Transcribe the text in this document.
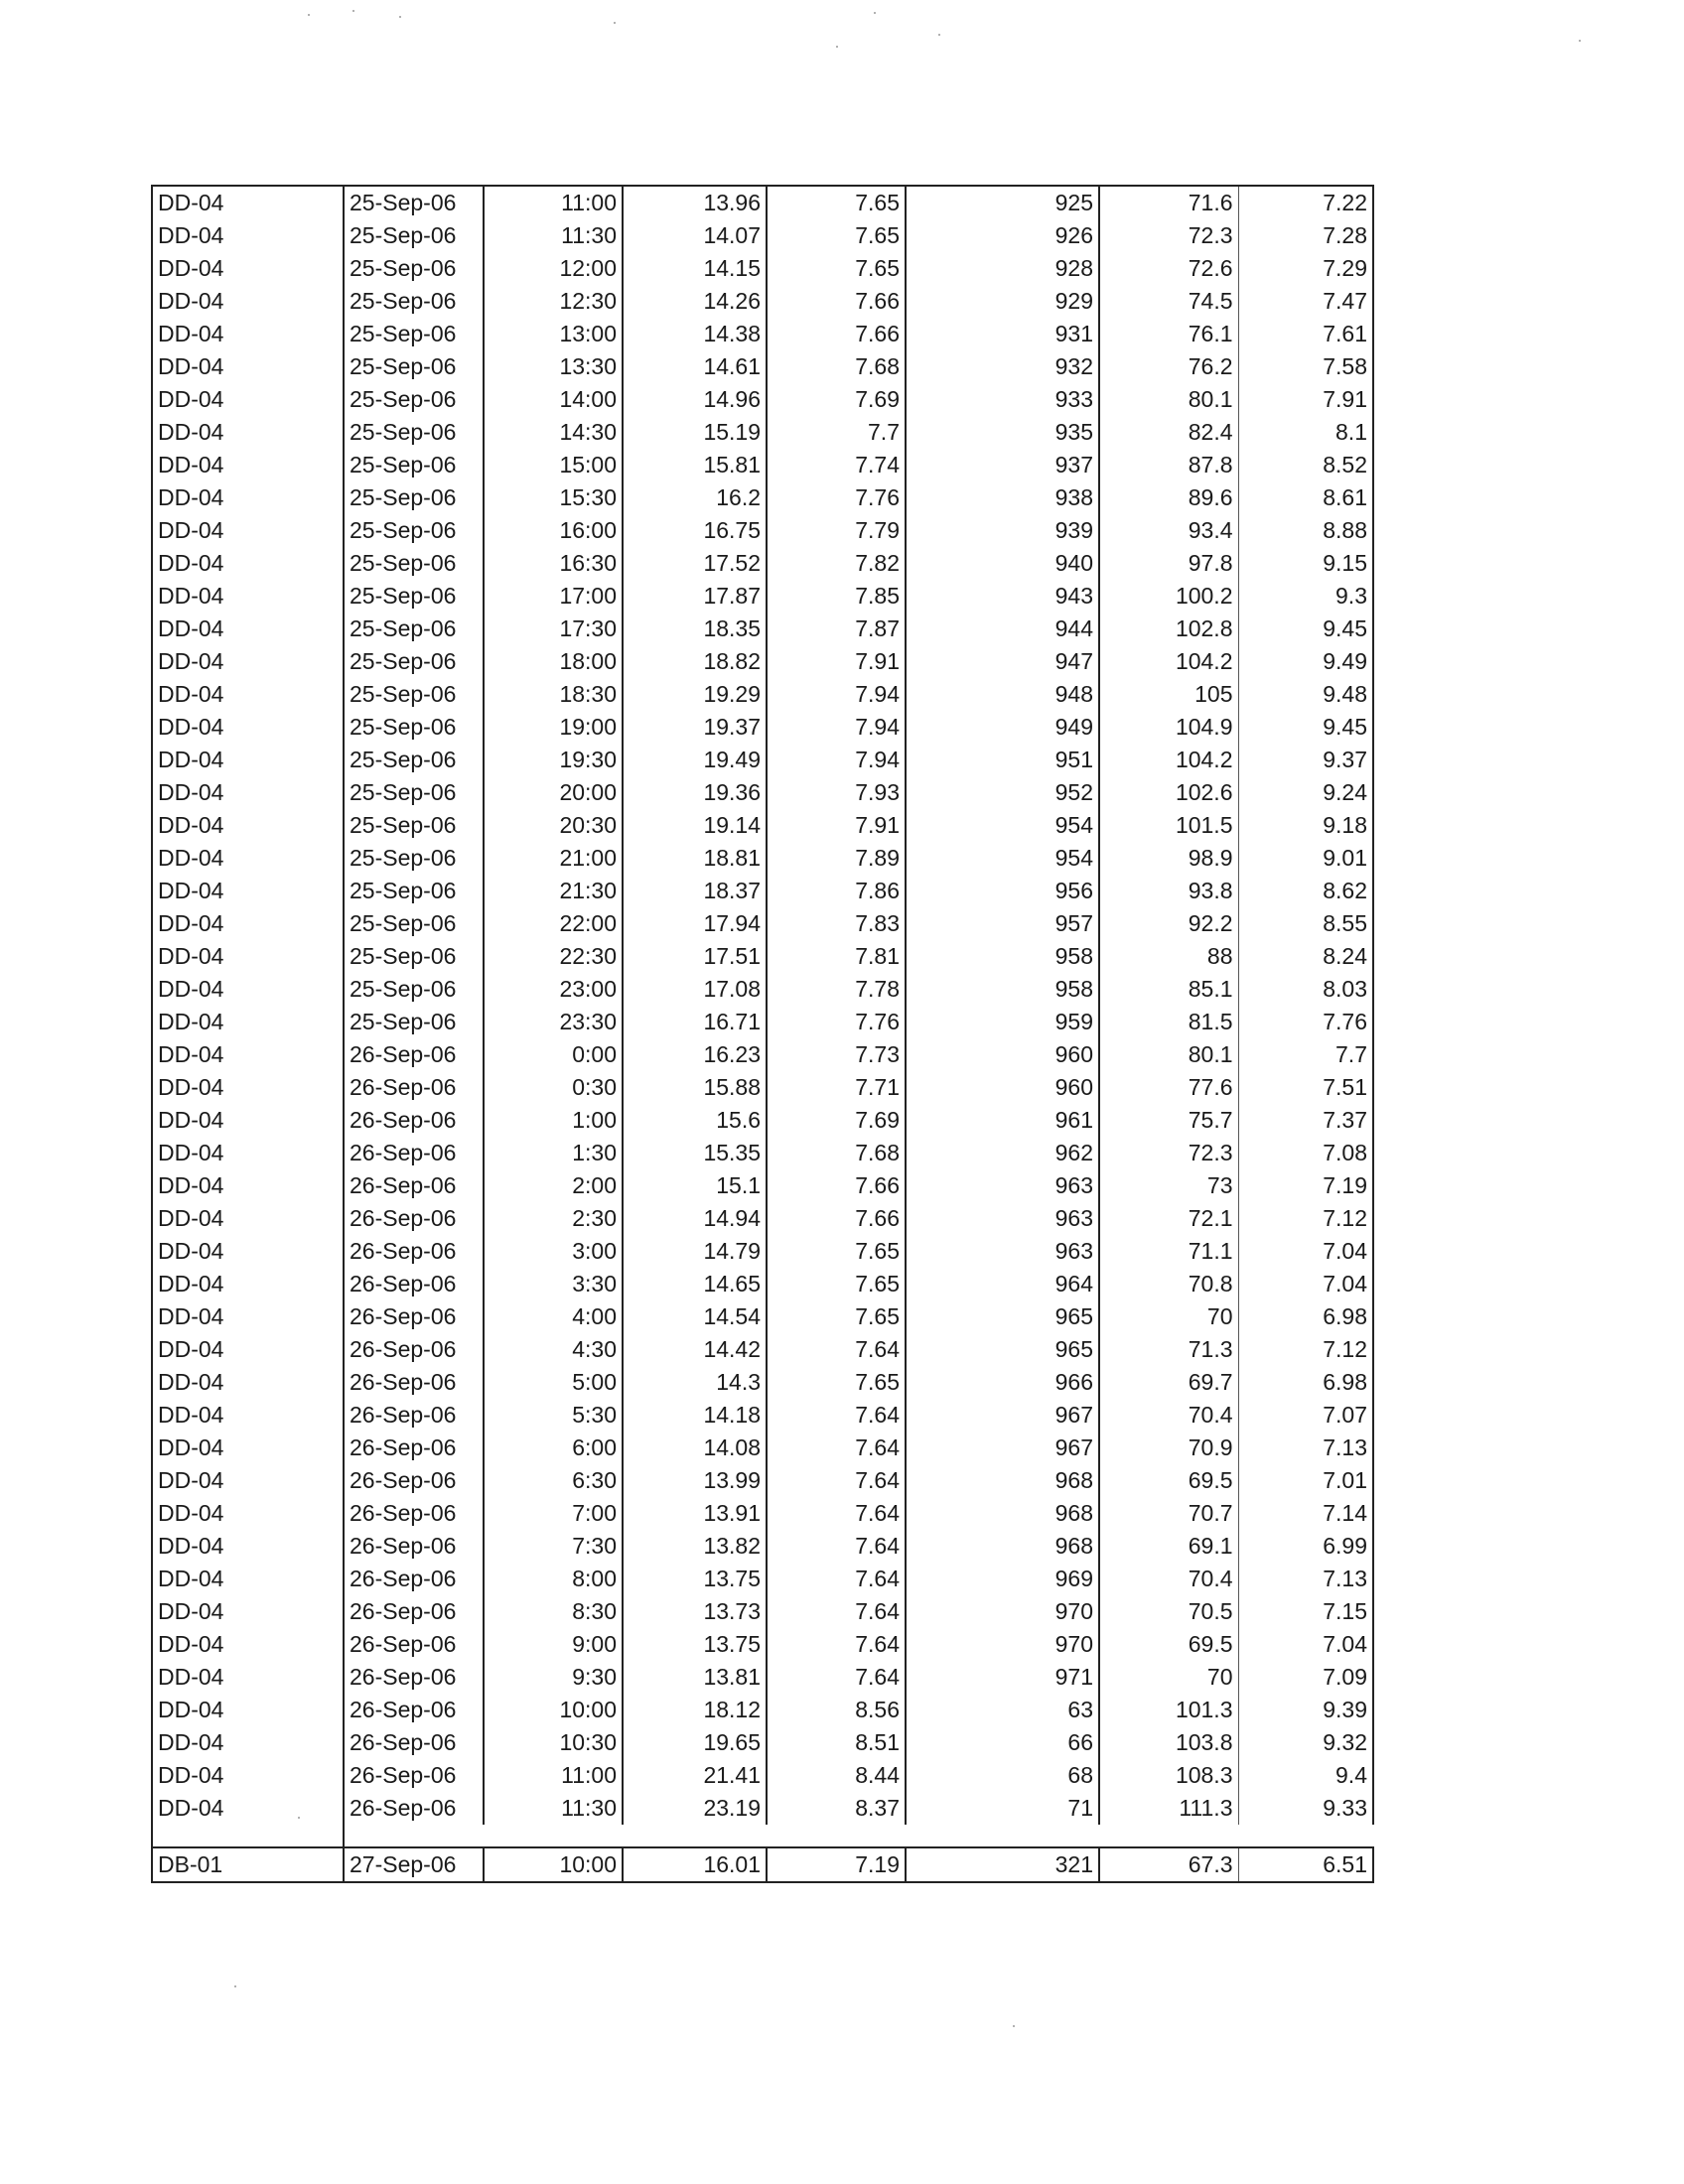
DD-04	25-Sep-06	11:00	13.96	7.65	925	71.6	7.22
DD-04	25-Sep-06	11:30	14.07	7.65	926	72.3	7.28
DD-04	25-Sep-06	12:00	14.15	7.65	928	72.6	7.29
DD-04	25-Sep-06	12:30	14.26	7.66	929	74.5	7.47
DD-04	25-Sep-06	13:00	14.38	7.66	931	76.1	7.61
DD-04	25-Sep-06	13:30	14.61	7.68	932	76.2	7.58
DD-04	25-Sep-06	14:00	14.96	7.69	933	80.1	7.91
DD-04	25-Sep-06	14:30	15.19	7.7	935	82.4	8.1
DD-04	25-Sep-06	15:00	15.81	7.74	937	87.8	8.52
DD-04	25-Sep-06	15:30	16.2	7.76	938	89.6	8.61
DD-04	25-Sep-06	16:00	16.75	7.79	939	93.4	8.88
DD-04	25-Sep-06	16:30	17.52	7.82	940	97.8	9.15
DD-04	25-Sep-06	17:00	17.87	7.85	943	100.2	9.3
DD-04	25-Sep-06	17:30	18.35	7.87	944	102.8	9.45
DD-04	25-Sep-06	18:00	18.82	7.91	947	104.2	9.49
DD-04	25-Sep-06	18:30	19.29	7.94	948	105	9.48
DD-04	25-Sep-06	19:00	19.37	7.94	949	104.9	9.45
DD-04	25-Sep-06	19:30	19.49	7.94	951	104.2	9.37
DD-04	25-Sep-06	20:00	19.36	7.93	952	102.6	9.24
DD-04	25-Sep-06	20:30	19.14	7.91	954	101.5	9.18
DD-04	25-Sep-06	21:00	18.81	7.89	954	98.9	9.01
DD-04	25-Sep-06	21:30	18.37	7.86	956	93.8	8.62
DD-04	25-Sep-06	22:00	17.94	7.83	957	92.2	8.55
DD-04	25-Sep-06	22:30	17.51	7.81	958	88	8.24
DD-04	25-Sep-06	23:00	17.08	7.78	958	85.1	8.03
DD-04	25-Sep-06	23:30	16.71	7.76	959	81.5	7.76
DD-04	26-Sep-06	0:00	16.23	7.73	960	80.1	7.7
DD-04	26-Sep-06	0:30	15.88	7.71	960	77.6	7.51
DD-04	26-Sep-06	1:00	15.6	7.69	961	75.7	7.37
DD-04	26-Sep-06	1:30	15.35	7.68	962	72.3	7.08
DD-04	26-Sep-06	2:00	15.1	7.66	963	73	7.19
DD-04	26-Sep-06	2:30	14.94	7.66	963	72.1	7.12
DD-04	26-Sep-06	3:00	14.79	7.65	963	71.1	7.04
DD-04	26-Sep-06	3:30	14.65	7.65	964	70.8	7.04
DD-04	26-Sep-06	4:00	14.54	7.65	965	70	6.98
DD-04	26-Sep-06	4:30	14.42	7.64	965	71.3	7.12
DD-04	26-Sep-06	5:00	14.3	7.65	966	69.7	6.98
DD-04	26-Sep-06	5:30	14.18	7.64	967	70.4	7.07
DD-04	26-Sep-06	6:00	14.08	7.64	967	70.9	7.13
DD-04	26-Sep-06	6:30	13.99	7.64	968	69.5	7.01
DD-04	26-Sep-06	7:00	13.91	7.64	968	70.7	7.14
DD-04	26-Sep-06	7:30	13.82	7.64	968	69.1	6.99
DD-04	26-Sep-06	8:00	13.75	7.64	969	70.4	7.13
DD-04	26-Sep-06	8:30	13.73	7.64	970	70.5	7.15
DD-04	26-Sep-06	9:00	13.75	7.64	970	69.5	7.04
DD-04	26-Sep-06	9:30	13.81	7.64	971	70	7.09
DD-04	26-Sep-06	10:00	18.12	8.56	63	101.3	9.39
DD-04	26-Sep-06	10:30	19.65	8.51	66	103.8	9.32
DD-04	26-Sep-06	11:00	21.41	8.44	68	108.3	9.4
DD-04	26-Sep-06	11:30	23.19	8.37	71	111.3	9.33

DB-01	27-Sep-06	10:00	16.01	7.19	321	67.3	6.51
